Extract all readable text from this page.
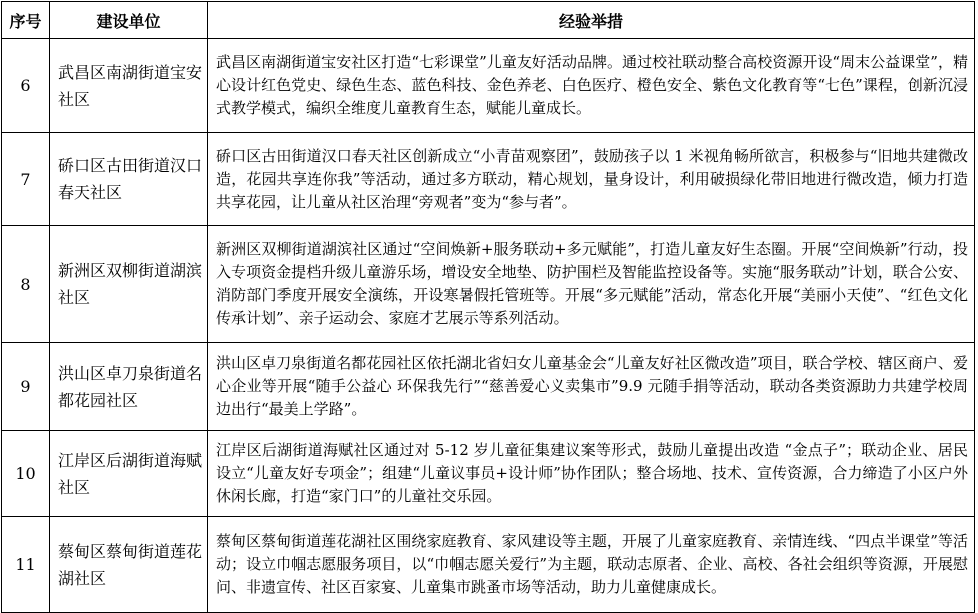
序号	建设单位	经验举措
6	武昌区南湖街道宝安社区	武昌区南湖街道宝安社区打造“七彩课堂”儿童友好活动品牌。通过校社联动整合高校资源开设“周末公益课堂”，精心设计红色党史、绿色生态、蓝色科技、金色养老、白色医疗、橙色安全、紫色文化教育等“七色”课程，创新沉浸式教学模式，编织全维度儿童教育生态，赋能儿童成长。
7	硚口区古田街道汉口春天社区	硚口区古田街道汉口春天社区创新成立“小青苗观察团”，鼓励孩子以 1 米视角畅所欲言，积极参与“旧地共建微改造，花园共享连你我”等活动，通过多方联动，精心规划，量身设计，利用破损绿化带旧地进行微改造，倾力打造共享花园，让儿童从社区治理“旁观者”变为“参与者”。
8	新洲区双柳街道湖滨社区	新洲区双柳街道湖滨社区通过“空间焕新+服务联动+多元赋能”，打造儿童友好生态圈。开展“空间焕新”行动，投入专项资金提档升级儿童游乐场，增设安全地垫、防护围栏及智能监控设备等。实施“服务联动”计划，联合公安、消防部门季度开展安全演练，开设寒暑假托管班等。开展“多元赋能”活动，常态化开展“美丽小天使”、“红色文化传承计划”、亲子运动会、家庭才艺展示等系列活动。
9	洪山区卓刀泉街道名都花园社区	洪山区卓刀泉街道名都花园社区依托湖北省妇女儿童基金会“儿童友好社区微改造”项目，联合学校、辖区商户、爱心企业等开展“随手公益心 环保我先行”“慈善爱心义卖集市”9.9 元随手捐等活动，联动各类资源助力共建学校周边出行“最美上学路”。
10	江岸区后湖街道海赋社区	江岸区后湖街道海赋社区通过对 5-12 岁儿童征集建议案等形式，鼓励儿童提出改造 “金点子”；联动企业、居民设立“儿童友好专项金”；组建“儿童议事员+设计师”协作团队；整合场地、技术、宣传资源，合力缔造了小区户外休闲长廊，打造“家门口”的儿童社交乐园。
11	蔡甸区蔡甸街道莲花湖社区	蔡甸区蔡甸街道莲花湖社区围绕家庭教育、家风建设等主题，开展了儿童家庭教育、亲情连线、“四点半课堂”等活动；设立巾帼志愿服务项目，以“巾帼志愿关爱行”为主题，联动志原者、企业、高校、各社会组织等资源，开展慰问、非遗宣传、社区百家宴、儿童集市跳蚤市场等活动，助力儿童健康成长。
